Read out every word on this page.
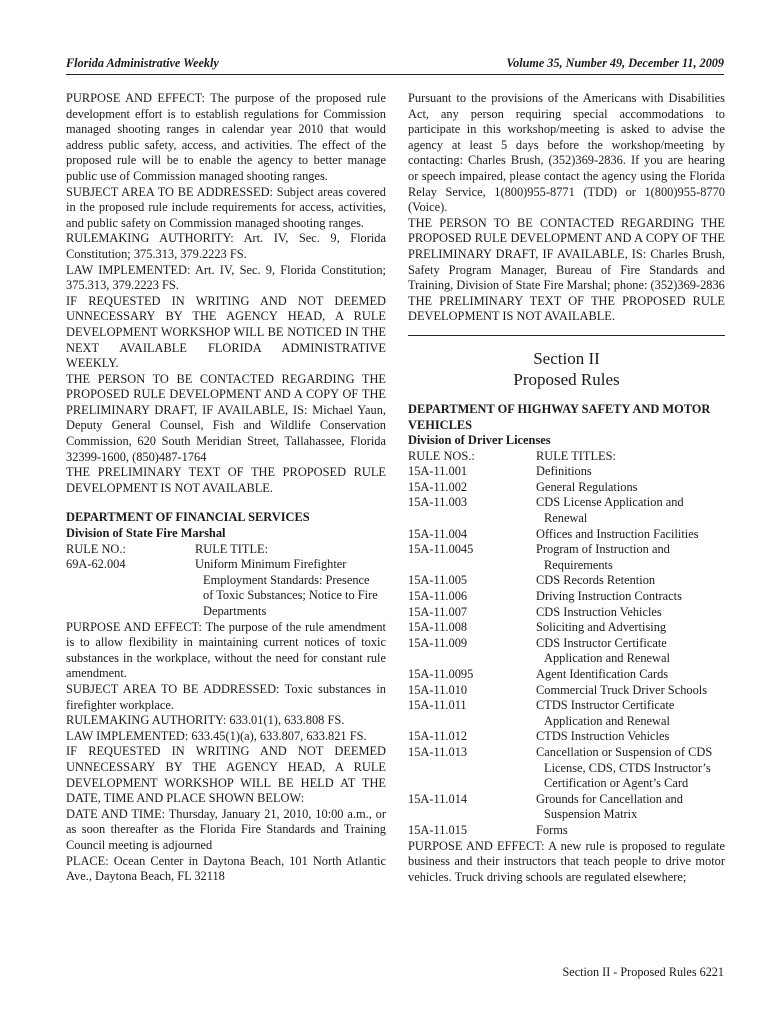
Florida Administrative Weekly	Volume 35, Number 49, December 11, 2009

PURPOSE AND EFFECT: The purpose of the proposed rule development effort is to establish regulations for Commission managed shooting ranges in calendar year 2010 that would address public safety, access, and activities. The effect of the proposed rule will be to enable the agency to better manage public use of Commission managed shooting ranges.

SUBJECT AREA TO BE ADDRESSED: Subject areas covered in the proposed rule include requirements for access, activities, and public safety on Commission managed shooting ranges.

RULEMAKING AUTHORITY: Art. IV, Sec. 9, Florida Constitution; 375.313, 379.2223 FS.

LAW IMPLEMENTED: Art. IV, Sec. 9, Florida Constitution; 375.313, 379.2223 FS.

IF REQUESTED IN WRITING AND NOT DEEMED UNNECESSARY BY THE AGENCY HEAD, A RULE DEVELOPMENT WORKSHOP WILL BE NOTICED IN THE NEXT AVAILABLE FLORIDA ADMINISTRATIVE WEEKLY.

THE PERSON TO BE CONTACTED REGARDING THE PROPOSED RULE DEVELOPMENT AND A COPY OF THE PRELIMINARY DRAFT, IF AVAILABLE, IS: Michael Yaun, Deputy General Counsel, Fish and Wildlife Conservation Commission, 620 South Meridian Street, Tallahassee, Florida 32399-1600, (850)487-1764

THE PRELIMINARY TEXT OF THE PROPOSED RULE DEVELOPMENT IS NOT AVAILABLE.

DEPARTMENT OF FINANCIAL SERVICES

Division of State Fire Marshal

RULE NO.:	RULE TITLE:
69A-62.004	Uniform Minimum Firefighter
Employment Standards: Presence
of Toxic Substances; Notice to Fire
Departments

PURPOSE AND EFFECT: The purpose of the rule amendment is to allow flexibility in maintaining current notices of toxic substances in the workplace, without the need for constant rule amendment.

SUBJECT AREA TO BE ADDRESSED: Toxic substances in firefighter workplace.

RULEMAKING AUTHORITY: 633.01(1), 633.808 FS.

LAW IMPLEMENTED: 633.45(1)(a), 633.807, 633.821 FS.

IF REQUESTED IN WRITING AND NOT DEEMED UNNECESSARY BY THE AGENCY HEAD, A RULE DEVELOPMENT WORKSHOP WILL BE HELD AT THE DATE, TIME AND PLACE SHOWN BELOW:

DATE AND TIME: Thursday, January 21, 2010, 10:00 a.m., or as soon thereafter as the Florida Fire Standards and Training Council meeting is adjourned

PLACE: Ocean Center in Daytona Beach, 101 North Atlantic Ave., Daytona Beach, FL 32118

Pursuant to the provisions of the Americans with Disabilities Act, any person requiring special accommodations to participate in this workshop/meeting is asked to advise the agency at least 5 days before the workshop/meeting by contacting: Charles Brush, (352)369-2836. If you are hearing or speech impaired, please contact the agency using the Florida Relay Service, 1(800)955-8771 (TDD) or 1(800)955-8770 (Voice).

THE PERSON TO BE CONTACTED REGARDING THE PROPOSED RULE DEVELOPMENT AND A COPY OF THE PRELIMINARY DRAFT, IF AVAILABLE, IS: Charles Brush, Safety Program Manager, Bureau of Fire Standards and Training, Division of State Fire Marshal; phone: (352)369-2836

THE PRELIMINARY TEXT OF THE PROPOSED RULE DEVELOPMENT IS NOT AVAILABLE.

Section II
Proposed Rules

DEPARTMENT OF HIGHWAY SAFETY AND MOTOR VEHICLES

Division of Driver Licenses

RULE NOS.:	RULE TITLES:
15A-11.001	Definitions
15A-11.002	General Regulations
15A-11.003	CDS License Application and
Renewal
15A-11.004	Offices and Instruction Facilities
15A-11.0045	Program of Instruction and
Requirements
15A-11.005	CDS Records Retention
15A-11.006	Driving Instruction Contracts
15A-11.007	CDS Instruction Vehicles
15A-11.008	Soliciting and Advertising
15A-11.009	CDS Instructor Certificate
Application and Renewal
15A-11.0095	Agent Identification Cards
15A-11.010	Commercial Truck Driver Schools
15A-11.011	CTDS Instructor Certificate
Application and Renewal
15A-11.012	CTDS Instruction Vehicles
15A-11.013	Cancellation or Suspension of CDS
License, CDS, CTDS Instructor’s
Certification or Agent’s Card
15A-11.014	Grounds for Cancellation and
Suspension Matrix
15A-11.015	Forms

PURPOSE AND EFFECT: A new rule is proposed to regulate business and their instructors that teach people to drive motor vehicles. Truck driving schools are regulated elsewhere;

Section II - Proposed Rules 6221
